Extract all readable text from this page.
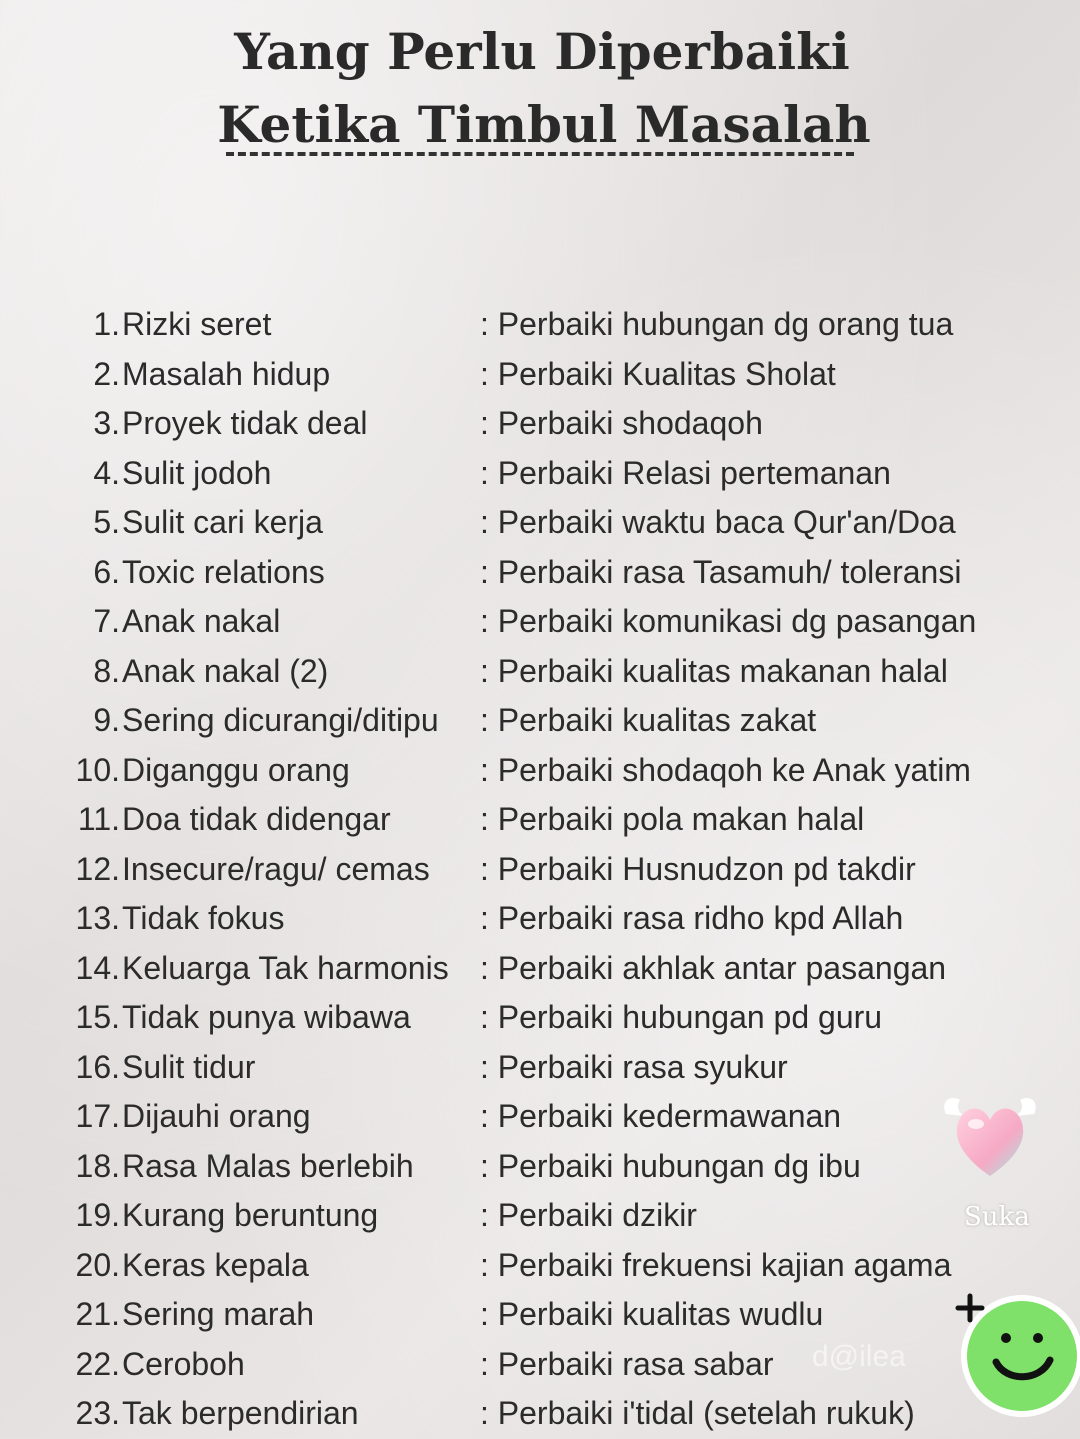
Yang Perlu Diperbaiki
Ketika Timbul Masalah
1. Rizki seret	: Perbaiki hubungan dg orang tua
2. Masalah hidup	: Perbaiki Kualitas Sholat
3. Proyek tidak deal	: Perbaiki shodaqoh
4. Sulit jodoh	: Perbaiki Relasi pertemanan
5. Sulit cari kerja	: Perbaiki waktu baca Qur'an/Doa
6. Toxic relations	: Perbaiki rasa Tasamuh/ toleransi
7. Anak nakal	: Perbaiki komunikasi dg pasangan
8. Anak nakal (2)	: Perbaiki kualitas makanan halal
9. Sering dicurangi/ditipu : Perbaiki kualitas zakat
10. Diganggu orang	: Perbaiki shodaqoh ke Anak yatim
11. Doa tidak didengar	: Perbaiki pola makan halal
12. Insecure/ragu/ cemas : Perbaiki Husnudzon pd takdir
13. Tidak fokus	: Perbaiki rasa ridho kpd Allah
14. Keluarga Tak harmonis : Perbaiki akhlak antar pasangan
15. Tidak punya wibawa : Perbaiki hubungan pd guru
16. Sulit tidur	: Perbaiki rasa syukur
17. Dijauhi orang	: Perbaiki kedermawanan
18. Rasa Malas berlebih : Perbaiki hubungan dg ibu
19. Kurang beruntung	: Perbaiki dzikir
20. Keras kepala	: Perbaiki frekuensi kajian agama
21. Sering marah	: Perbaiki kualitas wudlu
22. Ceroboh	: Perbaiki rasa sabar
23. Tak berpendirian	: Perbaiki i'tidal (setelah rukuk)
d@ilea
Suka
